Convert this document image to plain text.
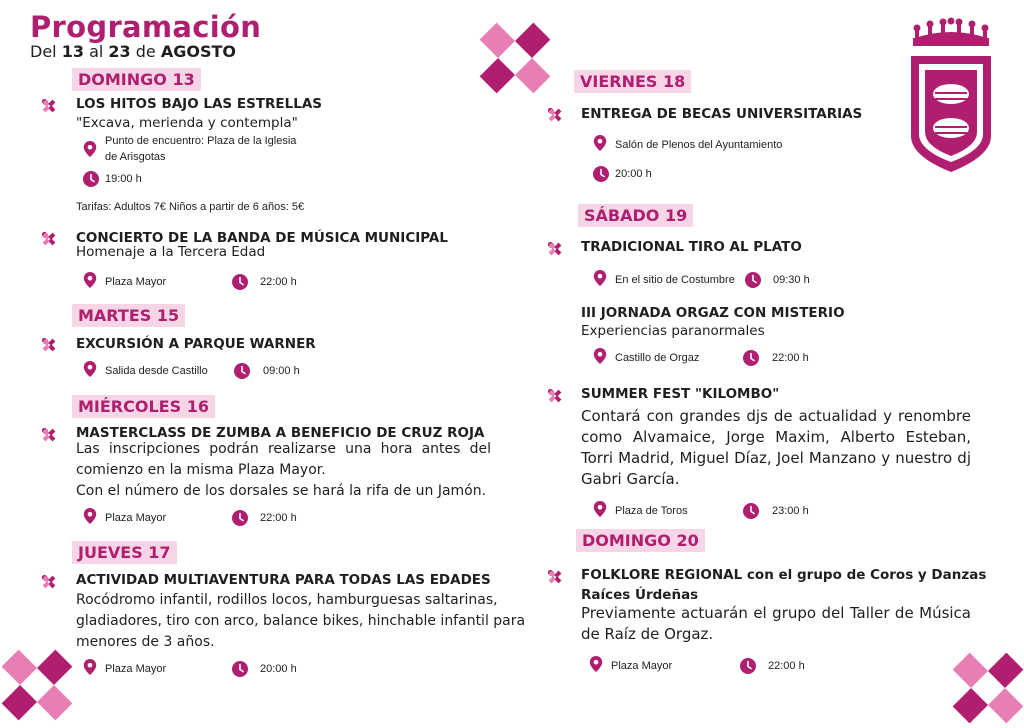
Programación
Del 13 al 23 de AGOSTO
DOMINGO 13
LOS HITOS BAJO LAS ESTRELLAS
"Excava, merienda y contempla"
Punto de encuentro: Plaza de la Iglesia
de Arisgotas
19:00 h
Tarifas: Adultos 7€ Niños a partir de 6 años: 5€
CONCIERTO DE LA BANDA DE MÚSICA MUNICIPAL
Homenaje a la Tercera Edad
Plaza Mayor	22:00 h
MARTES 15
EXCURSIÓN A PARQUE WARNER
Salida desde Castillo	09:00 h
MIÉRCOLES 16
MASTERCLASS DE ZUMBA A BENEFICIO DE CRUZ ROJA
Las inscripciones podrán realizarse una hora antes del comienzo en la misma Plaza Mayor.
Con el número de los dorsales se hará la rifa de un Jamón.
Plaza Mayor	22:00 h
JUEVES 17
ACTIVIDAD MULTIAVENTURA PARA TODAS LAS EDADES
Rocódromo infantil, rodillos locos, hamburguesas saltarinas, gladiadores, tiro con arco, balance bikes, hinchable infantil para menores de 3 años.
Plaza Mayor	20:00 h
VIERNES 18
ENTREGA DE BECAS UNIVERSITARIAS
Salón de Plenos del Ayuntamiento
20:00 h
SÁBADO 19
TRADICIONAL TIRO AL PLATO
En el sitio de Costumbre	09:30 h
III JORNADA ORGAZ CON MISTERIO
Experiencias paranormales
Castillo de Orgaz	22:00 h
SUMMER FEST "KILOMBO"
Contará con grandes djs de actualidad y renombre como Alvamaice, Jorge Maxim, Alberto Esteban, Torri Madrid, Miguel Díaz, Joel Manzano y nuestro dj Gabri García.
Plaza de Toros	23:00 h
DOMINGO 20
FOLKLORE REGIONAL con el grupo de Coros y Danzas
Raíces Úrdeñas
Previamente actuarán el grupo del Taller de Música de Raíz de Orgaz.
Plaza Mayor	22:00 h
